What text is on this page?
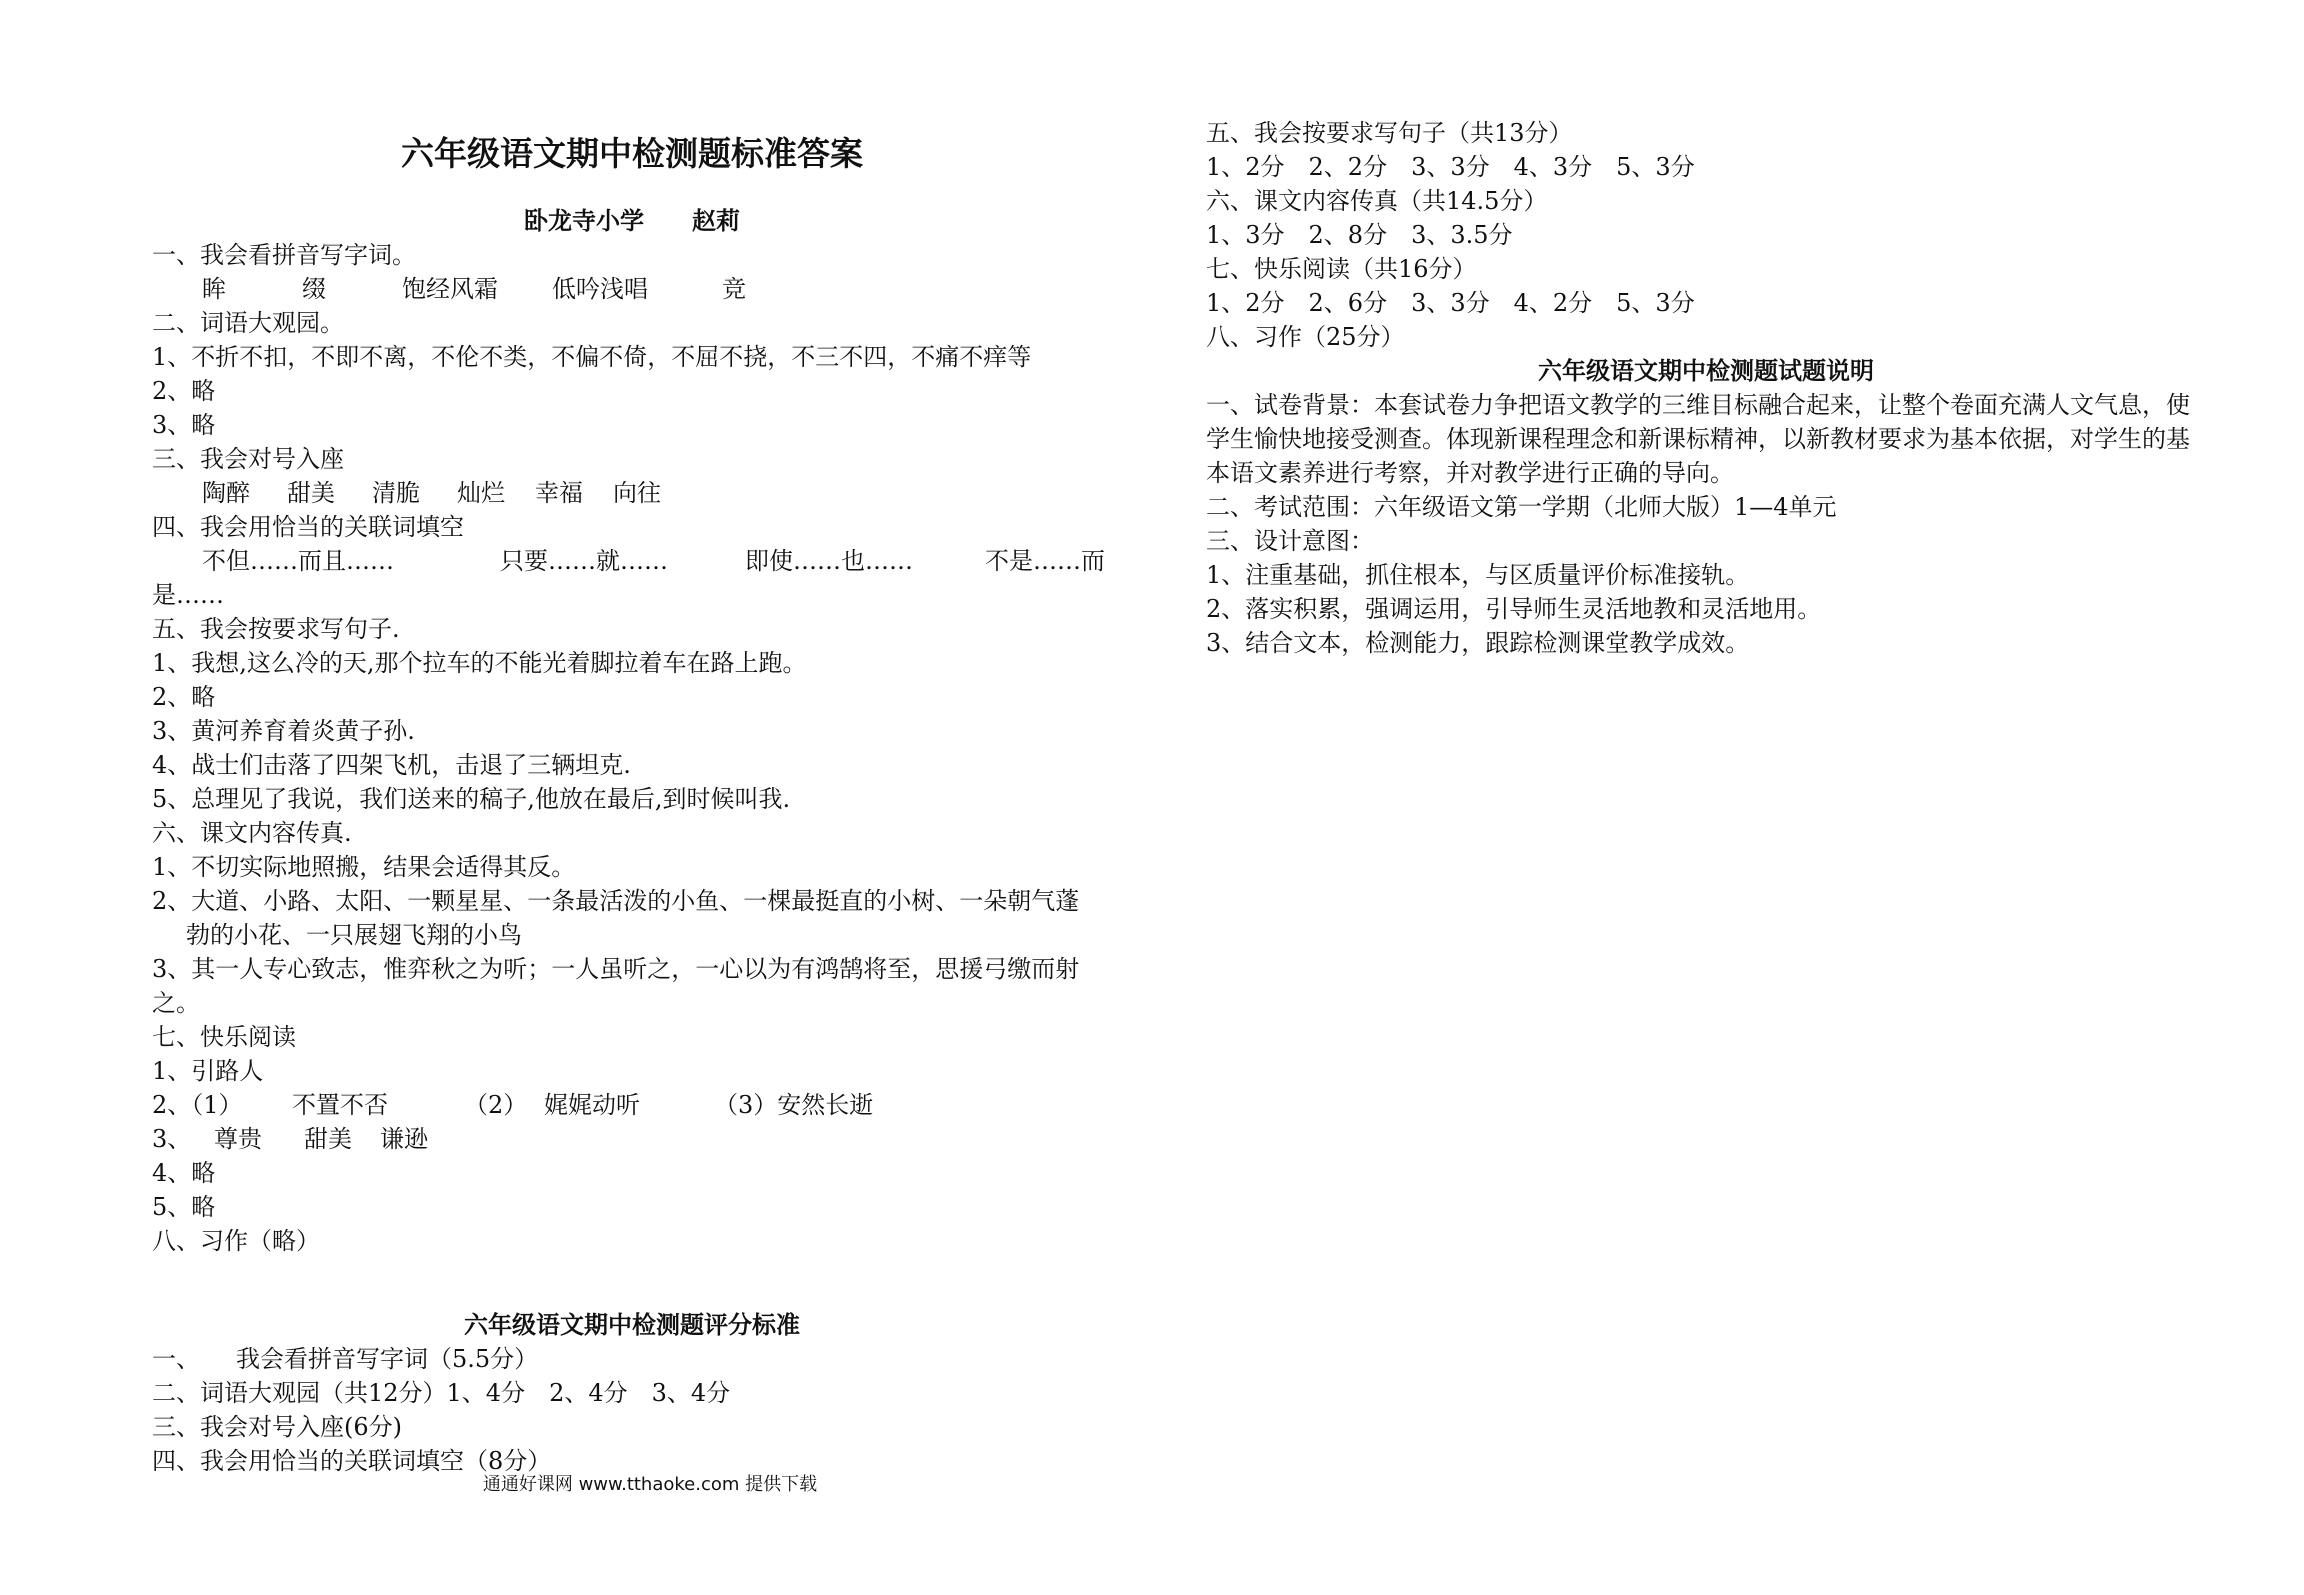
六年级语文期中检测题标准答案
卧龙寺小学　　赵莉
一、我会看拼音写字词。
眸	缀	饱经风霜 低吟浅唱	竞
二、词语大观园。
1、不折不扣，不即不离，不伦不类，不偏不倚，不屈不挠，不三不四，不痛不痒等
2、略
3、略
三、我会对号入座
陶醉 甜美 清脆 灿烂 幸福 向往
四、我会用恰当的关联词填空
不但……而且……	只要……就……	即使……也……	不是……而
是……
五、我会按要求写句子.
1、我想,这么冷的天,那个拉车的不能光着脚拉着车在路上跑。
2、略
3、黄河养育着炎黄子孙.
4、战士们击落了四架飞机，击退了三辆坦克.
5、总理见了我说，我们送来的稿子,他放在最后,到时候叫我.
六、课文内容传真.
1、不切实际地照搬，结果会适得其反。
2、大道、小路、太阳、一颗星星、一条最活泼的小鱼、一棵最挺直的小树、一朵朝气蓬
勃的小花、一只展翅飞翔的小鸟
3、其一人专心致志，惟弈秋之为听；一人虽听之，一心以为有鸿鹄将至，思援弓缴而射
之。
七、快乐阅读
1、引路人
2、（1） 不置不否	（2） 娓娓动听	（3）安然长逝
3、 尊贵 甜美 谦逊
4、略
5、略
八、习作（略）
六年级语文期中检测题评分标准
一、　　我会看拼音写字词（5.5分）
二、词语大观园（共12分）1、4分　2、4分　3、4分
三、我会对号入座(6分)
四、我会用恰当的关联词填空（8分）
五、我会按要求写句子（共13分）
1、2分　2、2分　3、3分　4、3分　5、3分
六、课文内容传真（共14.5分）
1、3分　2、8分　3、3.5分
七、快乐阅读（共16分）
1、2分　2、6分　3、3分　4、2分　5、3分
八、习作（25分）
六年级语文期中检测题试题说明
一、试卷背景：本套试卷力争把语文教学的三维目标融合起来，让整个卷面充满人文气息，使学生愉快地接受测查。体现新课程理念和新课标精神，以新教材要求为基本依据，对学生的基本语文素养进行考察，并对教学进行正确的导向。
二、考试范围：六年级语文第一学期（北师大版）1—4单元
三、设计意图：
1、注重基础，抓住根本，与区质量评价标准接轨。
2、落实积累，强调运用，引导师生灵活地教和灵活地用。
3、结合文本，检测能力，跟踪检测课堂教学成效。
通通好课网 www.tthaoke.com 提供下载
